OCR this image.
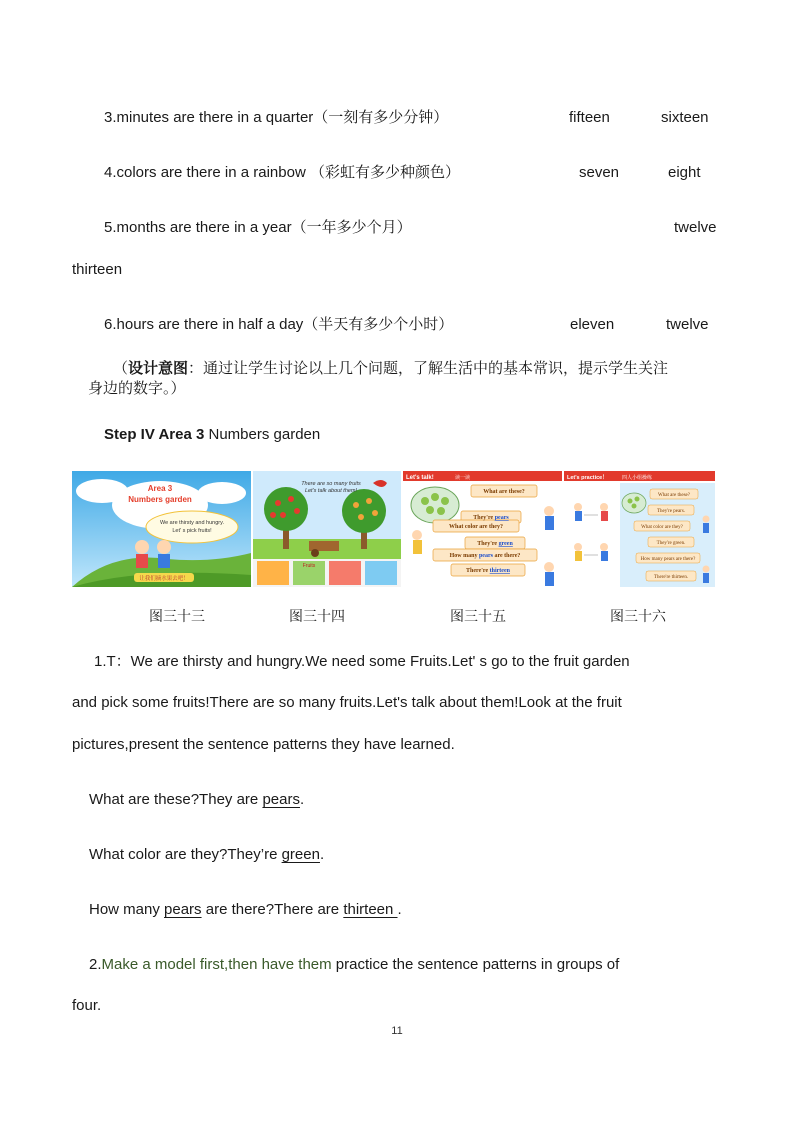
3.minutes are there in a quarter（一刻有多少分钟）	fifteen	sixteen
4.colors are there in a rainbow （彩虹有多少种颜色）	seven	eight
5.months are there in a year（一年多少个月）	twelve
thirteen
6.hours are there in half a day（半天有多少个小时）	eleven	twelve
（设计意图：通过让学生讨论以上几个问题，了解生活中的基本常识，提示学生关注
身边的数字。）
Step IV Area 3 Numbers garden
Area 3
Numbers garden
We are thirsty and hungry.
Let' s pick fruits!
让我们摘水果去吧！
There are so many fruits
Let's talk about them!
Fruits
Let's talk!	读一读
What are these?
They're pears
What color are they?
They're green
How many pears are there?
There're thirteen
Let's practice！	四人小组操练
What are these?
They're pears.
What color are they?
They're green.
How many pears are there?
There're thirteen.
图三十三	图三十四	图三十五	图三十六
1.T：We are thirsty and hungry.We need some Fruits.Let' s go to the fruit garden
and pick some fruits!There are so many fruits.Let's talk about them!Look at the fruit
pictures,present the sentence patterns they have learned.
What are these?They are pears.
What color are they?They’re green.
How many pears are there?There are thirteen .
2.Make a model first,then have them practice the sentence patterns in groups of
four.
11
